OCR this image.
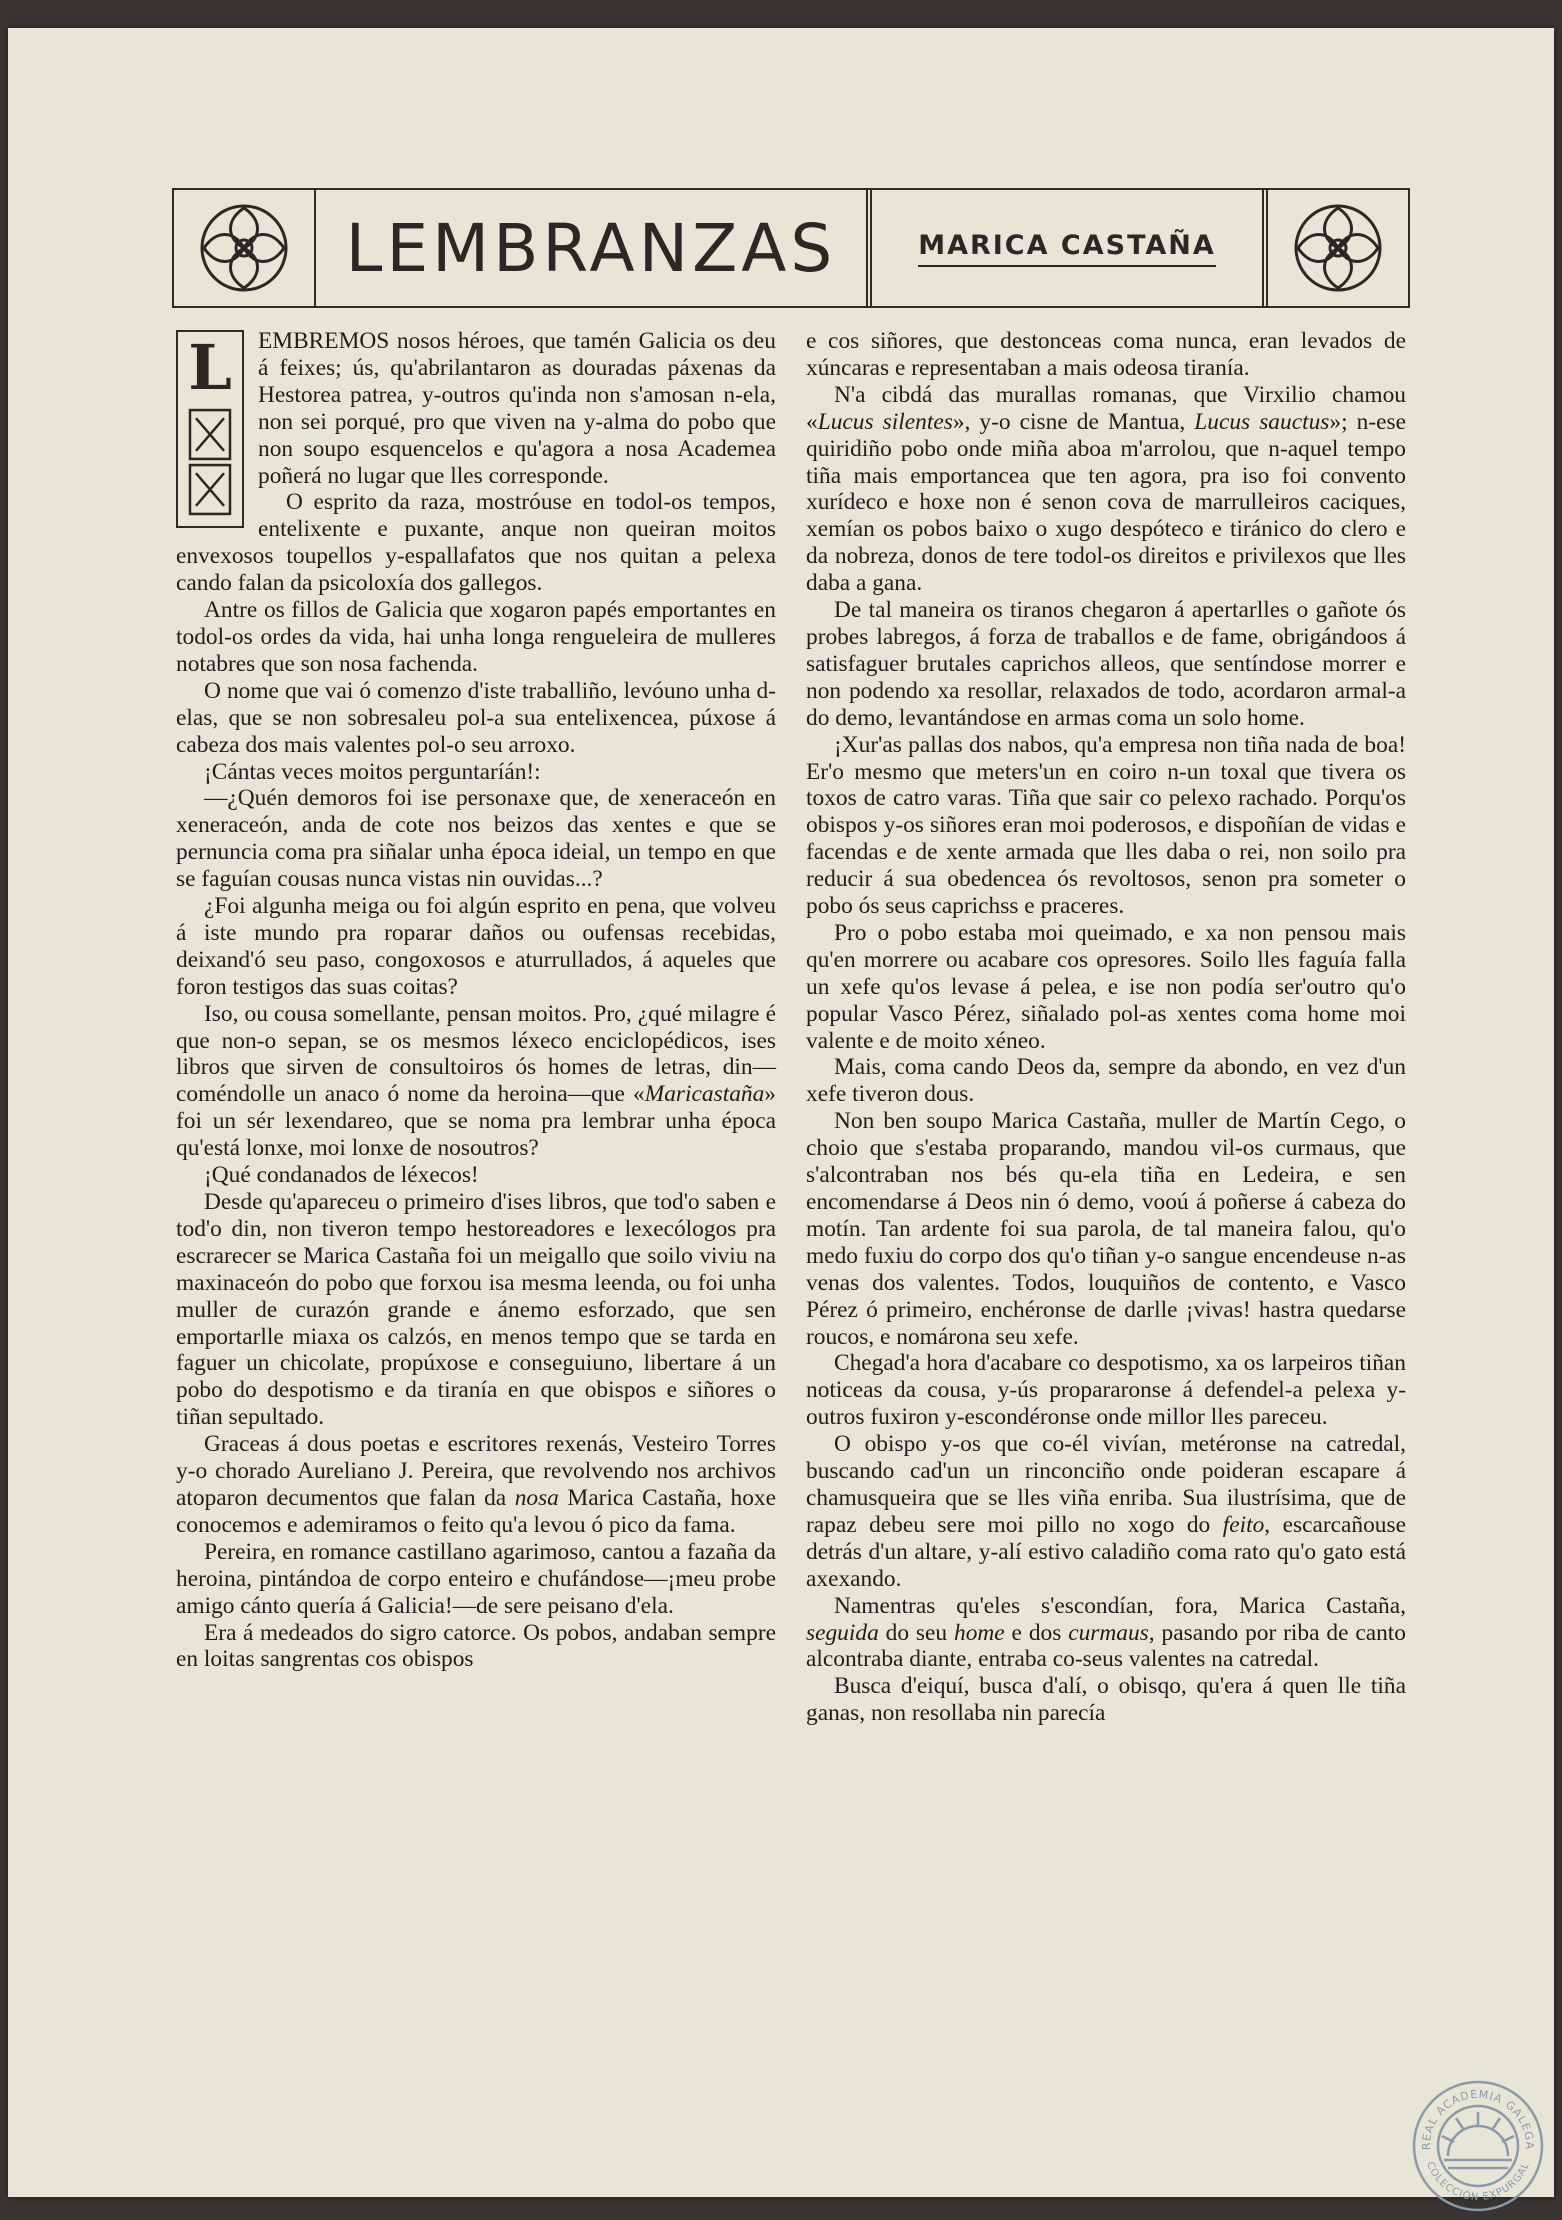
LEMBRANZAS	MARICA CASTAÑA

L EMBREMOS nosos héroes, que tamén Galicia os deu á feixes; ús, qu'abrilantaron as douradas páxenas da Hestorea patrea, y-outros qu'inda non s'amosan n-ela, non sei porqué, pro que viven na y-alma do pobo que non soupo esquencelos e qu'agora a nosa Academea poñerá no lugar que lles corresponde.

O esprito da raza, mostróuse en todol-os tempos, entelixente e puxante, anque non queiran moitos envexosos toupellos y-espallafatos que nos quitan a pelexa cando falan da psicoloxía dos gallegos.

Antre os fillos de Galicia que xogaron papés emportantes en todol-os ordes da vida, hai unha longa rengueleira de mulleres notabres que son nosa fachenda.

O nome que vai ó comenzo d'iste traballiño, levóuno unha d-elas, que se non sobresaleu pol-a sua entelixencea, púxose á cabeza dos mais valentes pol-o seu arroxo.

¡Cántas veces moitos perguntaríán!:

—¿Quén demoros foi ise personaxe que, de xeneraceón en xeneraceón, anda de cote nos beizos das xentes e que se pernuncia coma pra siñalar unha época ideial, un tempo en que se faguían cousas nunca vistas nin ouvidas...?

¿Foi algunha meiga ou foi algún esprito en pena, que volveu á iste mundo pra roparar daños ou oufensas recebidas, deixand'ó seu paso, congoxosos e aturrullados, á aqueles que foron testigos das suas coitas?

Iso, ou cousa somellante, pensan moitos. Pro, ¿qué milagre é que non-o sepan, se os mesmos léxeco enciclopédicos, ises libros que sirven de consultoiros ós homes de letras, din—coméndolle un anaco ó nome da heroina—que «Maricastaña» foi un sér lexendareo, que se noma pra lembrar unha época qu'está lonxe, moi lonxe de nosoutros?

¡Qué condanados de léxecos!

Desde qu'apareceu o primeiro d'ises libros, que tod'o saben e tod'o din, non tiveron tempo hestoreadores e lexecólogos pra escrarecer se Marica Castaña foi un meigallo que soilo viviu na maxinaceón do pobo que forxou isa mesma leenda, ou foi unha muller de curazón grande e ánemo esforzado, que sen emportarlle miaxa os calzós, en menos tempo que se tarda en faguer un chicolate, propúxose e conseguiuno, libertare á un pobo do despotismo e da tiranía en que obispos e siñores o tiñan sepultado.

Graceas á dous poetas e escritores rexenás, Vesteiro Torres y-o chorado Aureliano J. Pereira, que revolvendo nos archivos atoparon decumentos que falan da nosa Marica Castaña, hoxe conocemos e ademiramos o feito qu'a levou ó pico da fama.

Pereira, en romance castillano agarimoso, cantou a fazaña da heroina, pintándoa de corpo enteiro e chufándose—¡meu probe amigo cánto quería á Galicia!—de sere peisano d'ela.

Era á medeados do sigro catorce. Os pobos, andaban sempre en loitas sangrentas cos obispos

e cos siñores, que destonceas coma nunca, eran levados de xúncaras e representaban a mais odeosa tiranía.

N'a cibdá das murallas romanas, que Virxilio chamou «Lucus silentes», y-o cisne de Mantua, Lucus sauctus»; n-ese quiridiño pobo onde miña aboa m'arrolou, que n-aquel tempo tiña mais emportancea que ten agora, pra iso foi convento xurídeco e hoxe non é senon cova de marrulleiros caciques, xemían os pobos baixo o xugo despóteco e tiránico do clero e da nobreza, donos de tere todol-os direitos e privilexos que lles daba a gana.

De tal maneira os tiranos chegaron á apertarlles o gañote ós probes labregos, á forza de traballos e de fame, obrigándoos á satisfaguer brutales caprichos alleos, que sentíndose morrer e non podendo xa resollar, relaxados de todo, acordaron armal-a do demo, levantándose en armas coma un solo home.

¡Xur'as pallas dos nabos, qu'a empresa non tiña nada de boa! Er'o mesmo que meters'un en coiro n-un toxal que tivera os toxos de catro varas. Tiña que sair co pelexo rachado. Porqu'os obispos y-os siñores eran moi poderosos, e dispoñían de vidas e facendas e de xente armada que lles daba o rei, non soilo pra reducir á sua obedencea ós revoltosos, senon pra someter o pobo ós seus caprichss e praceres.

Pro o pobo estaba moi queimado, e xa non pensou mais qu'en morrere ou acabare cos opresores. Soilo lles faguía falla un xefe qu'os levase á pelea, e ise non podía ser'outro qu'o popular Vasco Pérez, siñalado pol-as xentes coma home moi valente e de moito xéneo.

Mais, coma cando Deos da, sempre da abondo, en vez d'un xefe tiveron dous.

Non ben soupo Marica Castaña, muller de Martín Cego, o choio que s'estaba proparando, mandou vil-os curmaus, que s'alcontraban nos bés qu-ela tiña en Ledeira, e sen encomendarse á Deos nin ó demo, vooú á poñerse á cabeza do motín. Tan ardente foi sua parola, de tal maneira falou, qu'o medo fuxiu do corpo dos qu'o tiñan y-o sangue encendeuse n-as venas dos valentes. Todos, louquiños de contento, e Vasco Pérez ó primeiro, enchéronse de darlle ¡vivas! hastra quedarse roucos, e nomárona seu xefe.

Chegad'a hora d'acabare co despotismo, xa os larpeiros tiñan noticeas da cousa, y-ús propararonse á defendel-a pelexa y-outros fuxiron y-escondéronse onde millor lles pareceu.

O obispo y-os que co-él vivían, metéronse na catredal, buscando cad'un un rinconciño onde poideran escapare á chamusqueira que se lles viña enriba. Sua ilustrísima, que de rapaz debeu sere moi pillo no xogo do feito, escarcañouse detrás d'un altare, y-alí estivo caladiño coma rato qu'o gato está axexando.

Namentras qu'eles s'escondían, fora, Marica Castaña, seguida do seu home e dos curmaus, pasando por riba de canto alcontraba diante, entraba co-seus valentes na catredal.

Busca d'eiquí, busca d'alí, o obisqo, qu'era á quen lle tiña ganas, non resollaba nin parecía

REAL ACADEMIA GALEGA
COLECCIÓN EXPURGAL
